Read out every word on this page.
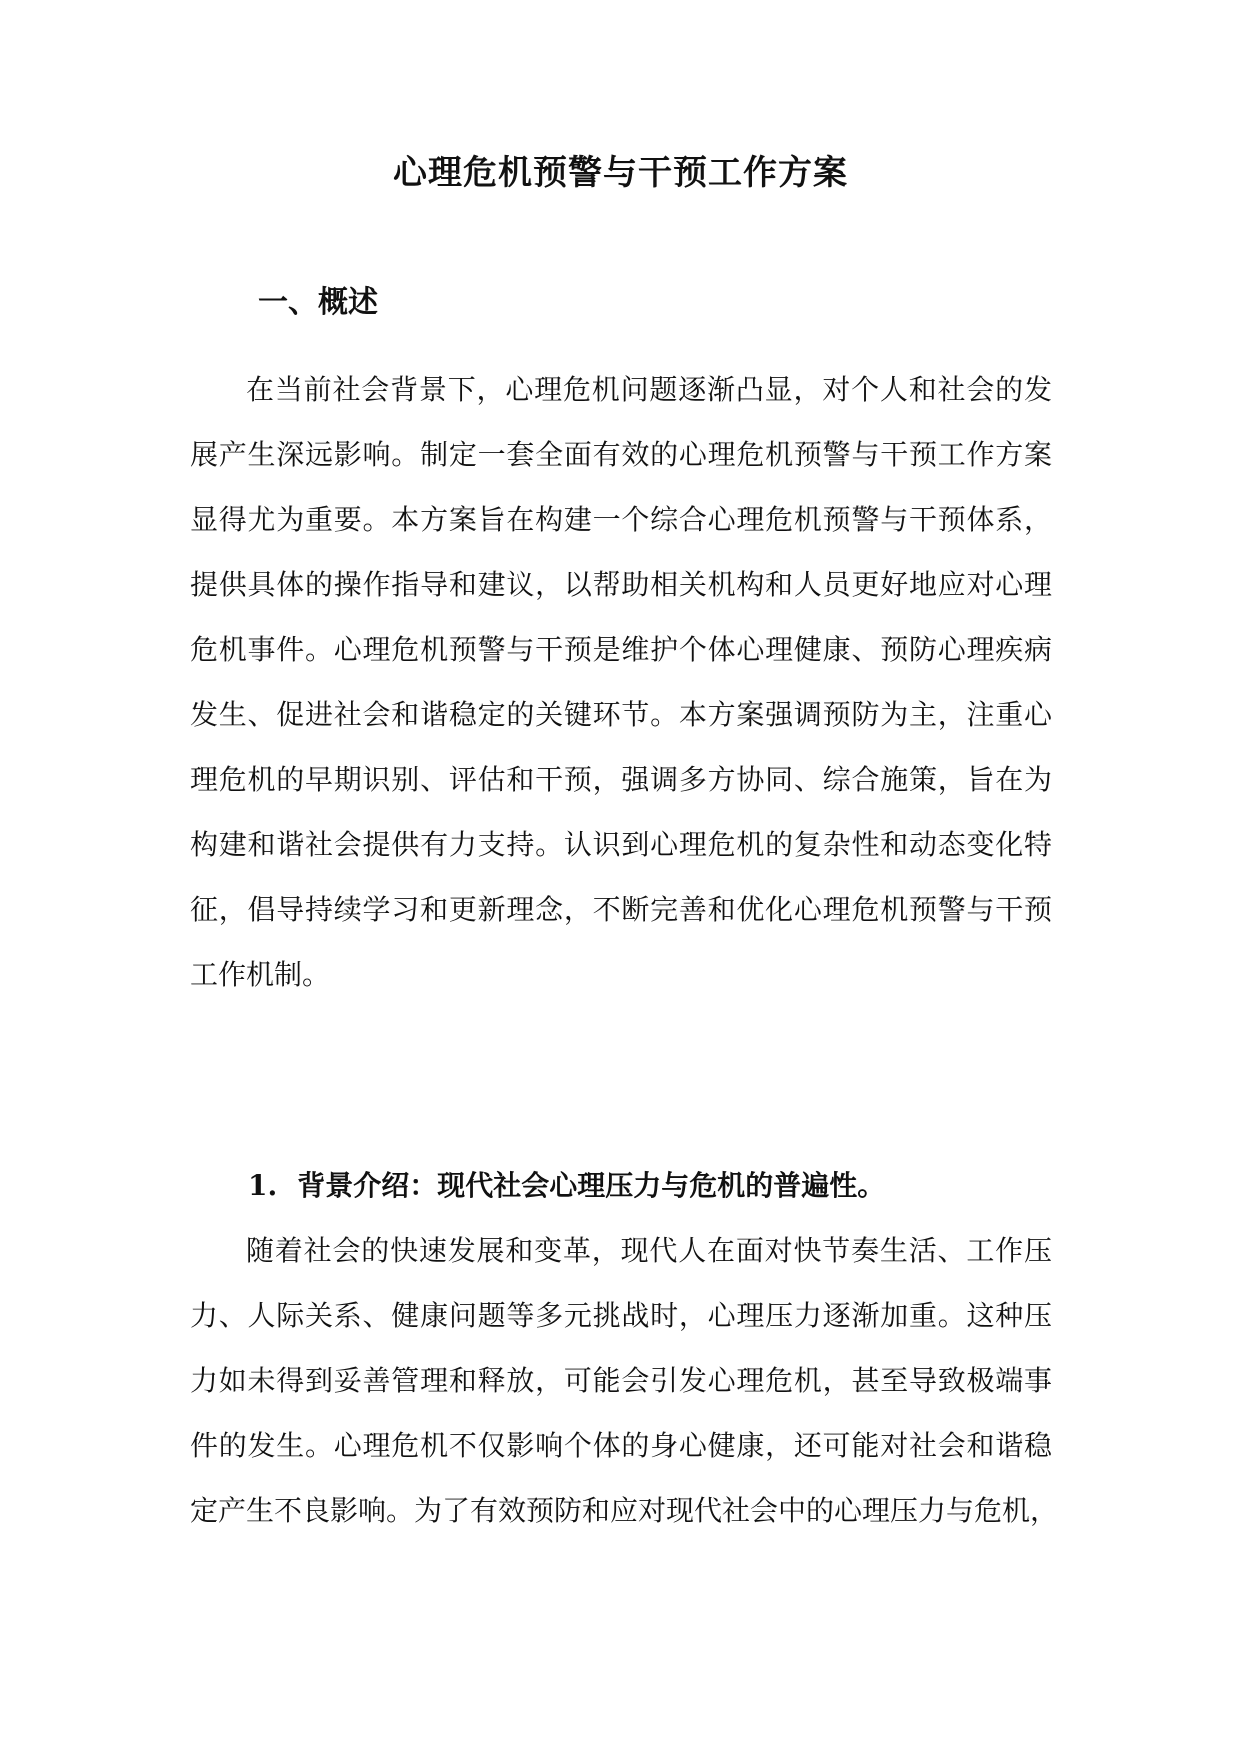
心理危机预警与干预工作方案
一、概述
在当前社会背景下，心理危机问题逐渐凸显，对个人和社会的发
展产生深远影响。制定一套全面有效的心理危机预警与干预工作方案
显得尤为重要。本方案旨在构建一个综合心理危机预警与干预体系，
提供具体的操作指导和建议，以帮助相关机构和人员更好地应对心理
危机事件。心理危机预警与干预是维护个体心理健康、预防心理疾病
发生、促进社会和谐稳定的关键环节。本方案强调预防为主，注重心
理危机的早期识别、评估和干预，强调多方协同、综合施策，旨在为
构建和谐社会提供有力支持。认识到心理危机的复杂性和动态变化特
征，倡导持续学习和更新理念，不断完善和优化心理危机预警与干预
工作机制。
1. 背景介绍：现代社会心理压力与危机的普遍性。
随着社会的快速发展和变革，现代人在面对快节奏生活、工作压
力、人际关系、健康问题等多元挑战时，心理压力逐渐加重。这种压
力如未得到妥善管理和释放，可能会引发心理危机，甚至导致极端事
件的发生。心理危机不仅影响个体的身心健康，还可能对社会和谐稳
定产生不良影响。为了有效预防和应对现代社会中的心理压力与危机，
